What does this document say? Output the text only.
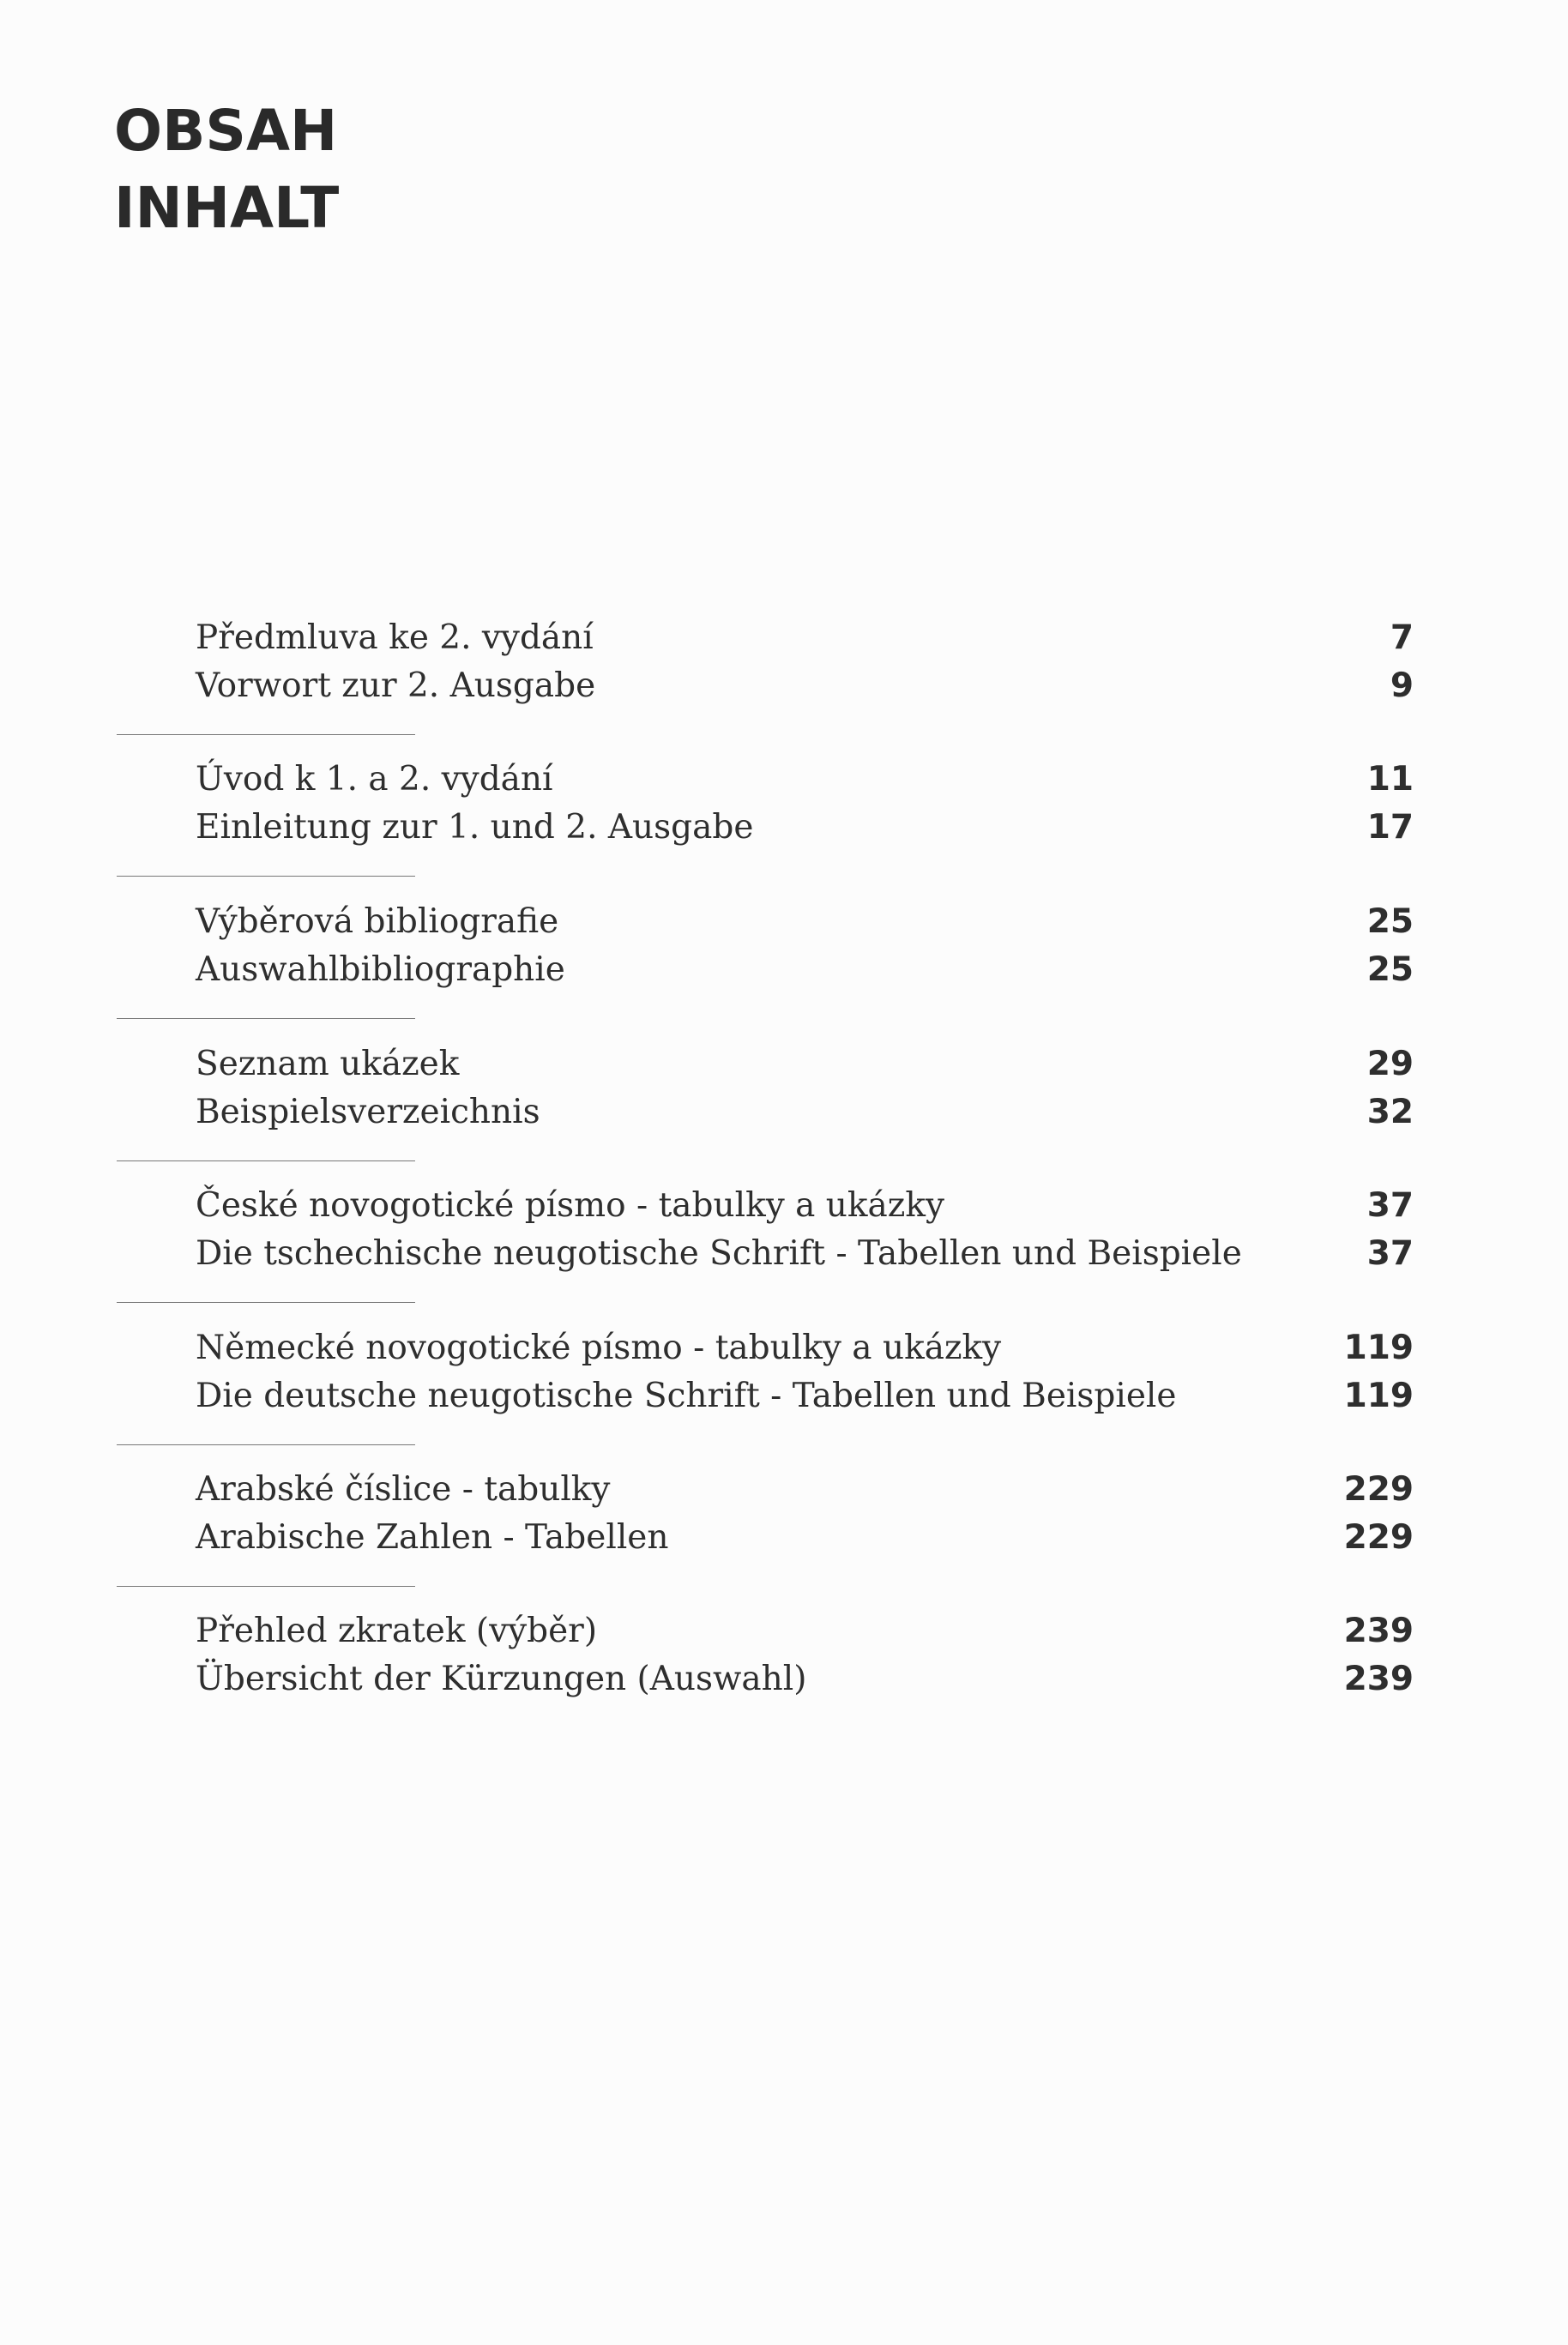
OBSAH
INHALT
Předmluva ke 2. vydání	7
Vorwort zur 2. Ausgabe	9
Úvod k 1. a 2. vydání	11
Einleitung zur 1. und 2. Ausgabe	17
Výběrová bibliografie	25
Auswahlbibliographie	25
Seznam ukázek	29
Beispielsverzeichnis	32
České novogotické písmo - tabulky a ukázky	37
Die tschechische neugotische Schrift - Tabellen und Beispiele	37
Německé novogotické písmo - tabulky a ukázky	119
Die deutsche neugotische Schrift - Tabellen und Beispiele	119
Arabské číslice - tabulky	229
Arabische Zahlen - Tabellen	229
Přehled zkratek (výběr)	239
Übersicht der Kürzungen (Auswahl)	239
